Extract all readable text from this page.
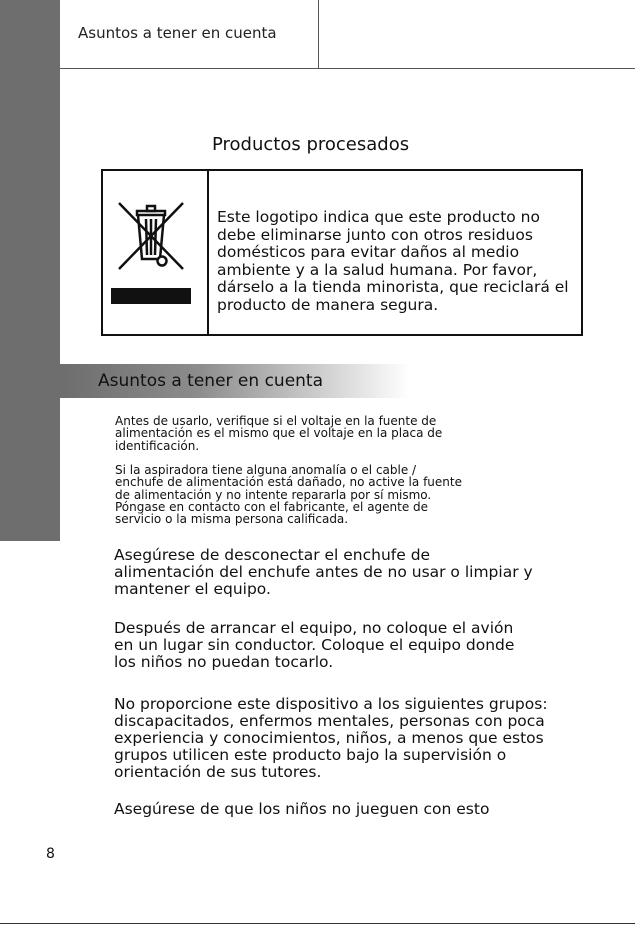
Asuntos a tener en cuenta
Productos procesados
Este logotipo indica que este producto no debe eliminarse junto con otros residuos domésticos para evitar daños al medio ambiente y a la salud humana. Por favor, dárselo a la tienda minorista, que reciclará el producto de manera segura.
Asuntos a tener en cuenta
Antes de usarlo, verifique si el voltaje en la fuente de alimentación es el mismo que el voltaje en la placa de identificación.
Si la aspiradora tiene alguna anomalía o el cable / enchufe de alimentación está dañado, no active la fuente de alimentación y no intente repararla por sí mismo. Póngase en contacto con el fabricante, el agente de servicio o la misma persona calificada.
Asegúrese de desconectar el enchufe de alimentación del enchufe antes de no usar o limpiar y mantener el equipo.
Después de arrancar el equipo, no coloque el avión en un lugar sin conductor. Coloque el equipo donde los niños no puedan tocarlo.
No proporcione este dispositivo a los siguientes grupos: discapacitados, enfermos mentales, personas con poca experiencia y conocimientos, niños, a menos que estos grupos utilicen este producto bajo la supervisión o orientación de sus tutores.
Asegúrese de que los niños no jueguen con esto
8
